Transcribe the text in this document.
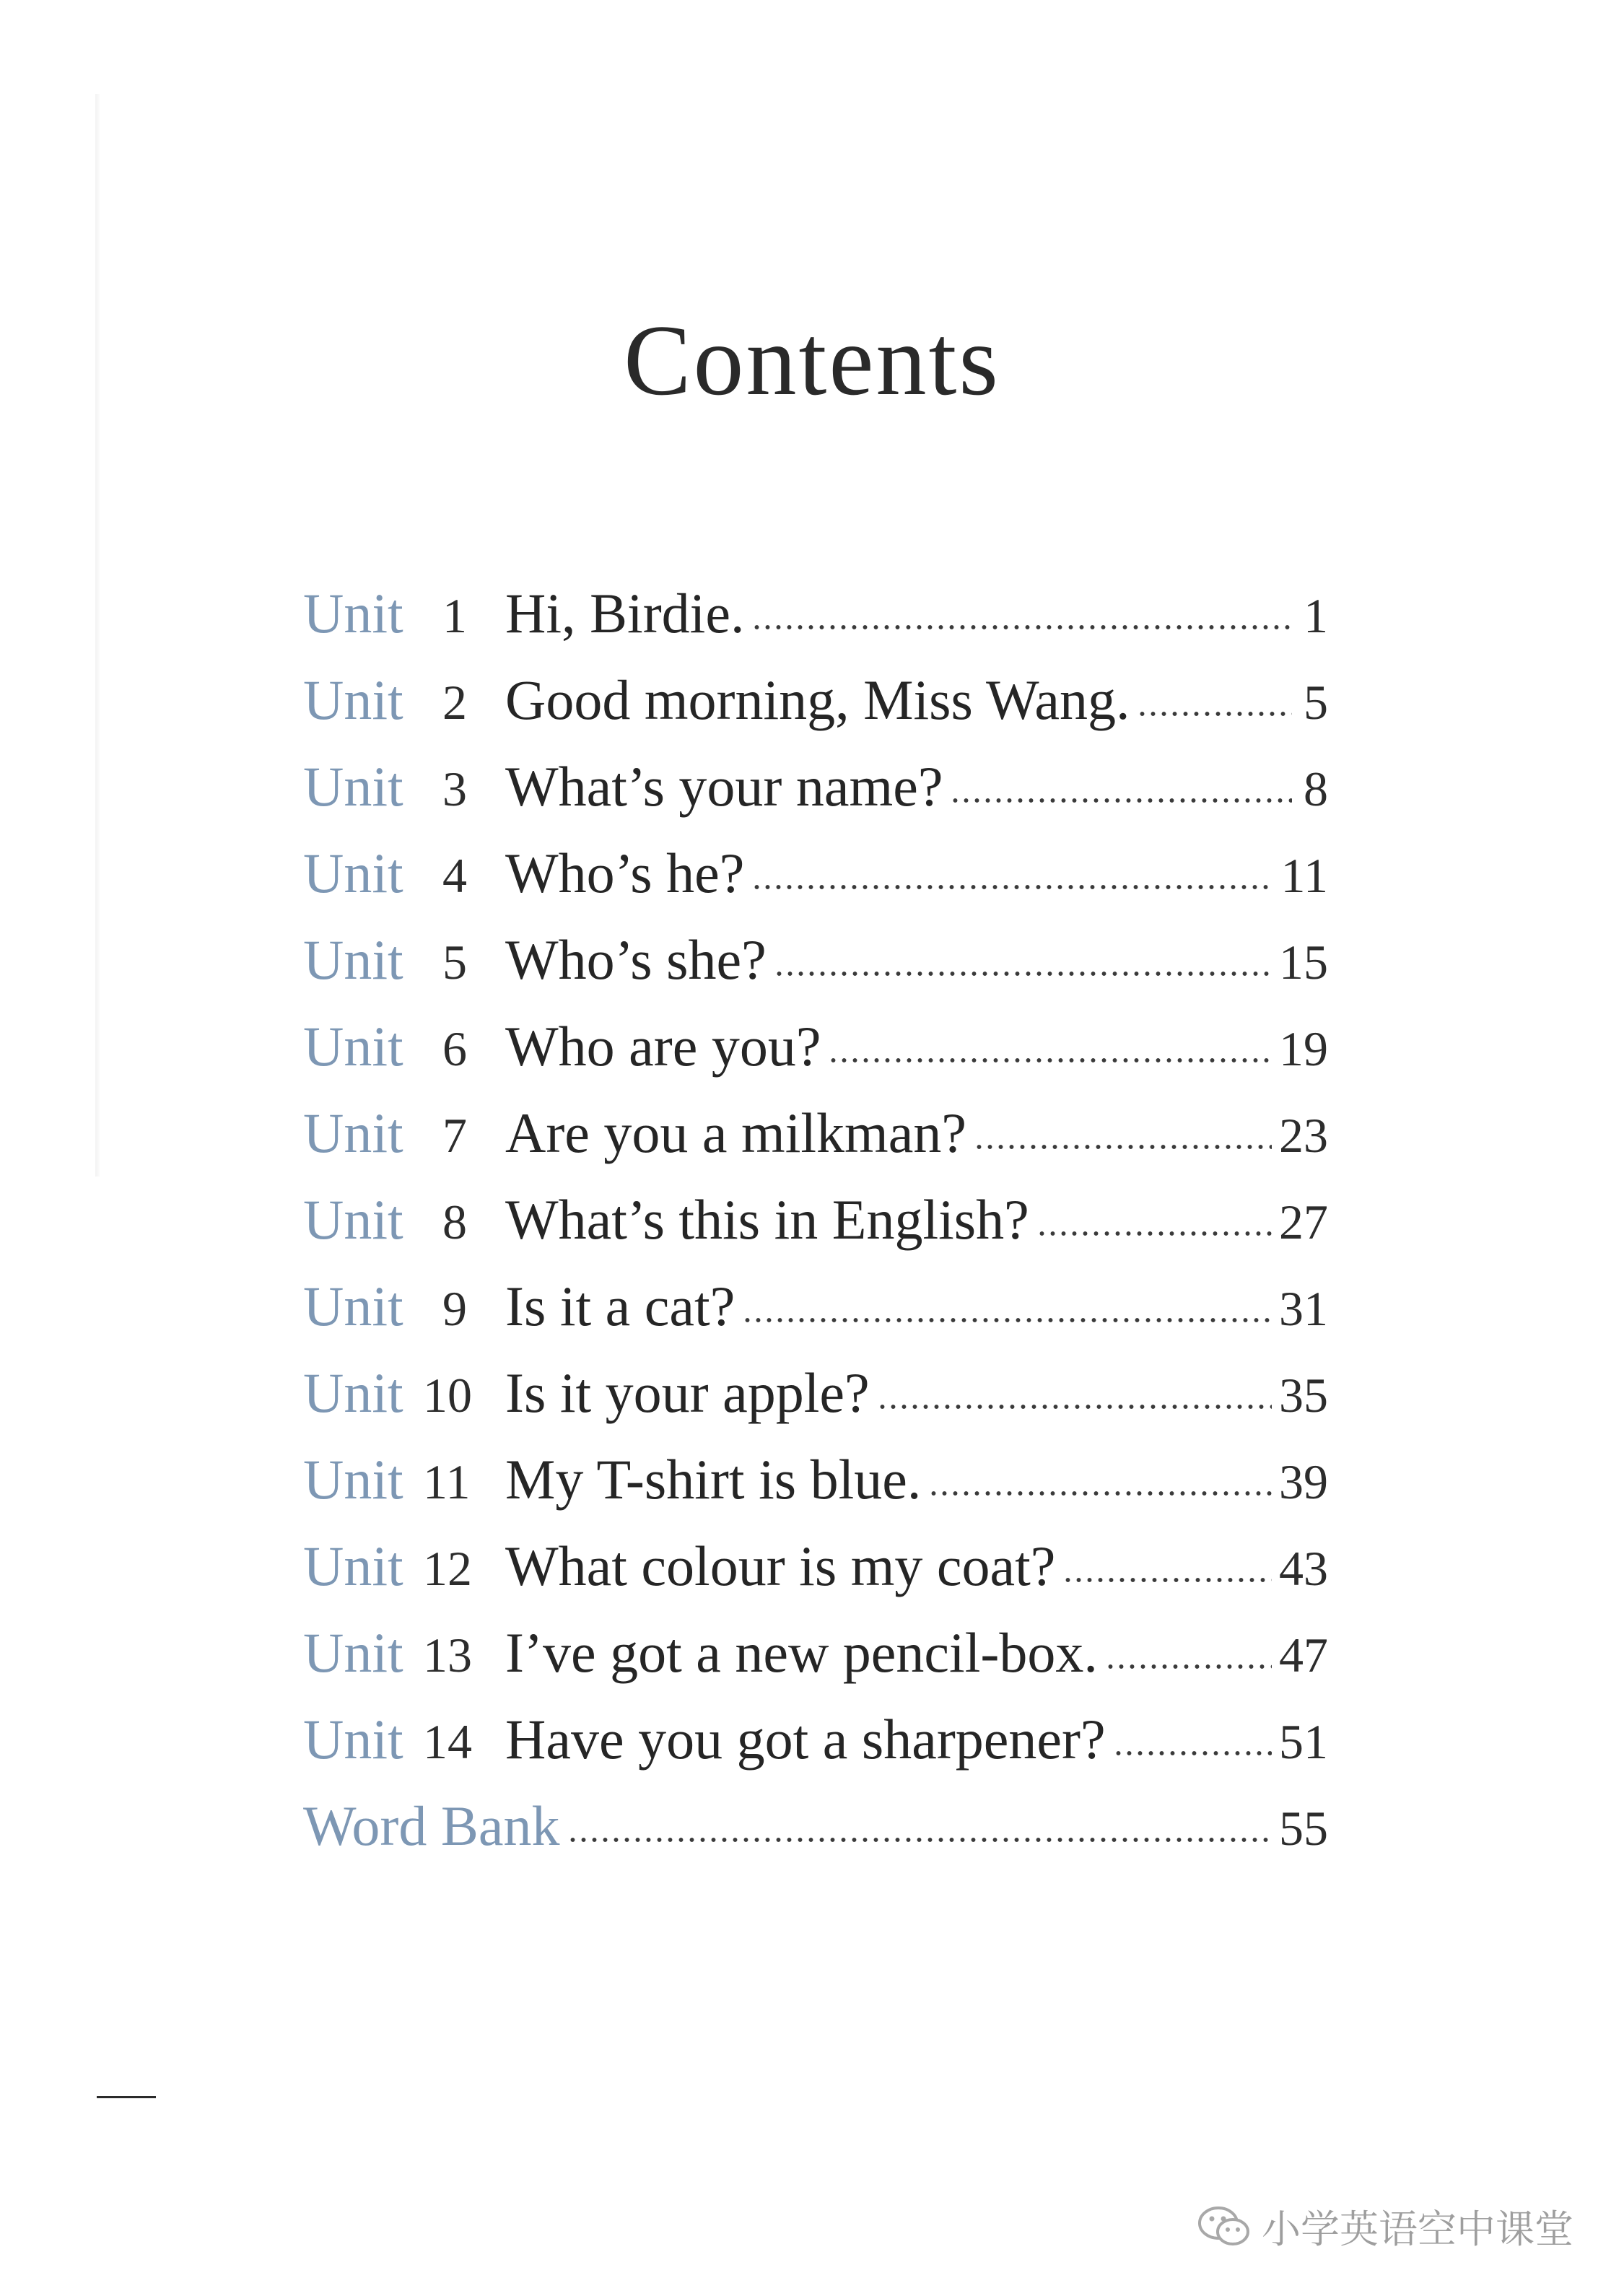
Contents
Unit 1 Hi, Birdie.	1
Unit 2 Good morning, Miss Wang.	5
Unit 3 What’s your name?	8
Unit 4 Who’s he?	11
Unit 5 Who’s she?	15
Unit 6 Who are you?	19
Unit 7 Are you a milkman?	23
Unit 8 What’s this in English?	27
Unit 9 Is it a cat?	31
Unit 10 Is it your apple?	35
Unit 11 My T-shirt is blue.	39
Unit 12 What colour is my coat?	43
Unit 13 I’ve got a new pencil-box.	47
Unit 14 Have you got a sharpener?	51
Word Bank	55
小学英语空中课堂
